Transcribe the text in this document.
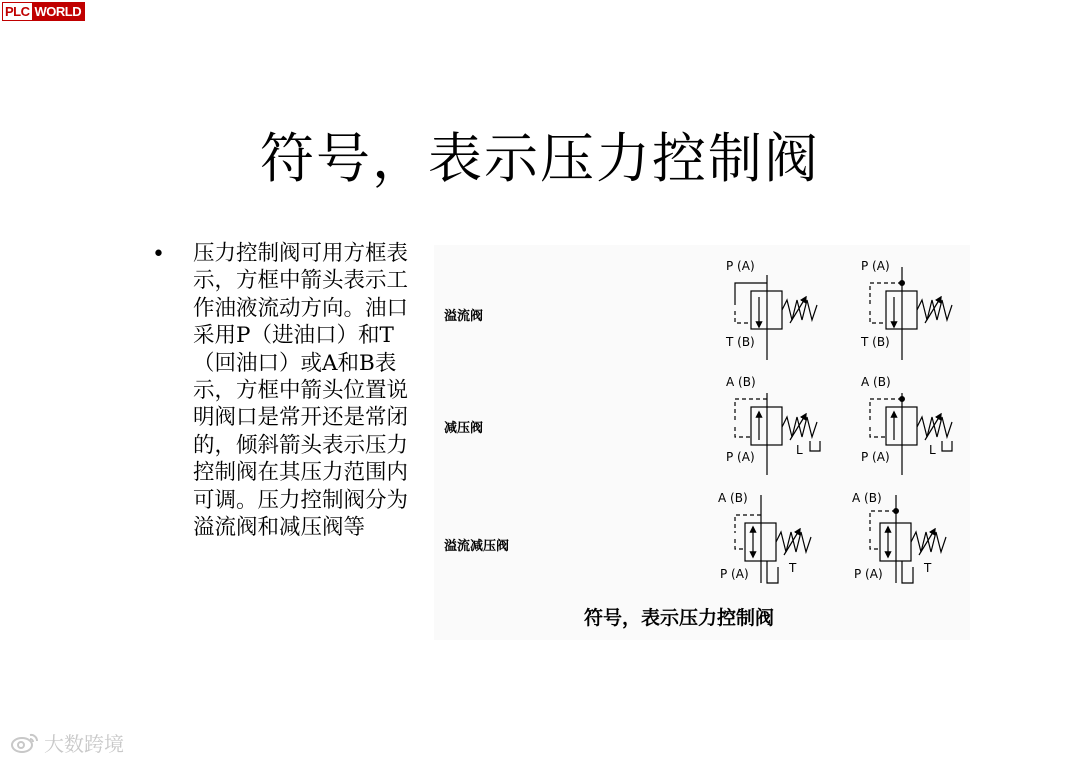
PLC WORLD
符号，表示压力控制阀
• 压力控制阀可用方框表示，方框中箭头表示工作油液流动方向。油口采用P（进油口）和T（回油口）或A和B表示，方框中箭头位置说明阀口是常开还是常闭的，倾斜箭头表示压力控制阀在其压力范围内可调。压力控制阀分为溢流阀和减压阀等
溢流阀
减压阀
溢流减压阀
P (A)
T (B)
P (A)
T (B)
A (B)
P (A)	L
A (B)
P (A)	L
A (B)
P (A)	T
A (B)
P (A)	T
符号，表示压力控制阀
大数跨境
